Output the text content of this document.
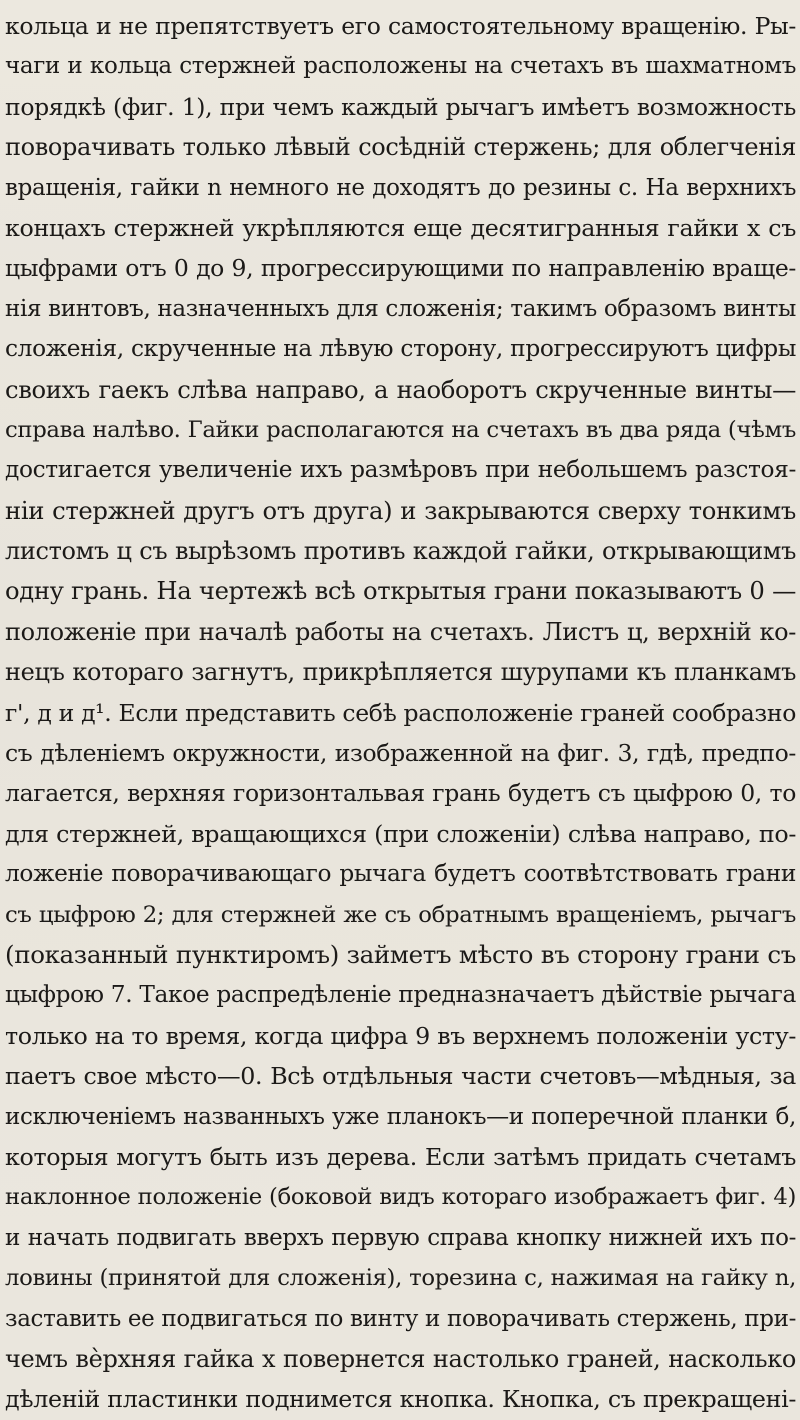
кольца и не препятствуетъ его самостоятельному вращенію. Ры-
чаги и кольца стержней расположены на счетахъ въ шахматномъ
порядкѣ (фиг. 1), при чемъ каждый рычагъ имѣетъ возможность
поворачивать только лѣвый сосѣдній стержень; для облегченія
вращенія, гайки n немного не доходятъ до резины c. На верхнихъ
концахъ стержней укрѣпляются еще десятигранныя гайки x съ
цыфрами отъ 0 до 9, прогрессирующими по направленію враще-
нія винтовъ, назначенныхъ для сложенія; такимъ образомъ винты
сложенія, скрученные на лѣвую сторону, прогрессируютъ цифры
своихъ гаекъ слѣва направо, а наоборотъ скрученные винты—
справа налѣво. Гайки располагаются на счетахъ въ два ряда (чѣмъ
достигается увеличеніе ихъ размѣровъ при небольшемъ разстоя-
ніи стержней другъ отъ друга) и закрываются сверху тонкимъ
листомъ ц съ вырѣзомъ противъ каждой гайки, открывающимъ
одну грань. На чертежѣ всѣ открытыя грани показываютъ 0 —
положеніе при началѣ работы на счетахъ. Листъ ц, верхній ко-
нецъ котораго загнутъ, прикрѣпляется шурупами къ планкамъ
г', д и д¹. Если представить себѣ расположеніе граней сообразно
съ дѣленіемъ окружности, изображенной на фиг. 3, гдѣ, предпо-
лагается, верхняя горизонтальвая грань будетъ съ цыфрою 0, то
для стержней, вращающихся (при сложеніи) слѣва направо, по-
ложеніе поворачивающаго рычага будетъ соотвѣтствовать грани
съ цыфрою 2; для стержней же съ обратнымъ вращеніемъ, рычагъ
(показанный пунктиромъ) займетъ мѣсто въ сторону грани съ
цыфрою 7. Такое распредѣленіе предназначаетъ дѣйствіе рычага
только на то время, когда цифра 9 въ верхнемъ положеніи усту-
паетъ свое мѣсто—0. Всѣ отдѣльныя части счетовъ—мѣдныя, за
исключеніемъ названныхъ уже планокъ—и поперечной планки б,
которыя могутъ быть изъ дерева. Если затѣмъ придать счетамъ
наклонное положеніе (боковой видъ котораго изображаетъ фиг. 4)
и начать подвигать вверхъ первую справа кнопку нижней ихъ по-
ловины (принятой для сложенія), торезина c, нажимая на гайку n,
заставить ее подвигаться по винту и поворачивать стержень, при-
чемъ вѐрхняя гайка x повернется настолько граней, насколько
дѣленій пластинки поднимется кнопка. Кнопка, съ прекращені-
